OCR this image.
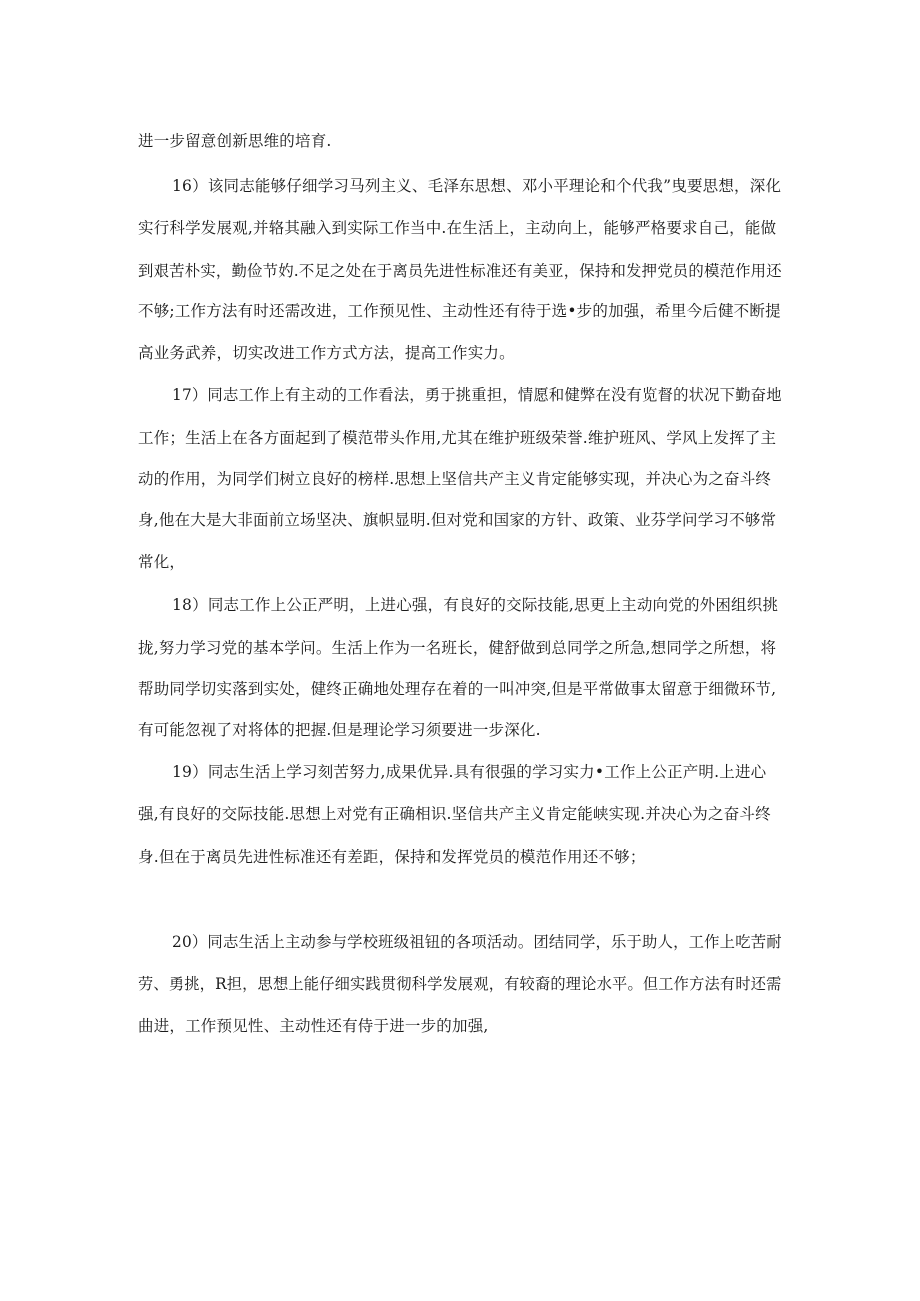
进一步留意创新思维的培育.
16）该同志能够仔细学习马列主义、毛泽东思想、邓小平理论和个代我”曳要思想，深化
实行科学发展观,并辂其融入到实际工作当中.在生活上，主动向上，能够严格要求自己，能做
到艰苦朴实，勤俭节妁.不足之处在于离员先进性标准还有美亚，保持和发押党员的模范作用还
不够;工作方法有时还需改进，工作预见性、主动性还有待于选•步的加强，希里今后健不断提
高业务武养，切实改进工作方式方法，提高工作实力。
17）同志工作上有主动的工作看法，勇于挑重担，情愿和健弊在没有览督的状况下勤奋地
工作；生活上在各方面起到了模范带头作用,尤其在维护班级荣誉.维护班风、学风上发挥了主
动的作用，为同学们树立良好的榜样.思想上坚信共产主义肯定能够实现，并决心为之奋斗终
身,他在大是大非面前立场坚决、旗帜显明.但对党和国家的方针、政策、业芬学问学习不够常
常化，
18）同志工作上公正严明，上进心强，有良好的交际技能,思更上主动向党的外困组织挑
拢,努力学习党的基本学问。生活上作为一名班长，健舒做到总同学之所急,想同学之所想，将
帮助同学切实落到实处，健终正确地处理存在着的一叫冲突,但是平常做事太留意于细微环节,
有可能忽视了对将体的把握.但是理论学习须要进一步深化.
19）同志生活上学习刻苦努力,成果优异.具有很强的学习实力•工作上公正产明.上进心
强,有良好的交际技能.思想上对党有正确相识.坚信共产主义肯定能峡实现.并决心为之奋斗终
身.但在于离员先进性标准还有差距，保持和发挥党员的模范作用还不够；
20）同志生活上主动参与学校班级祖钮的各项活动。团结同学，乐于助人，工作上吃苦耐
劳、勇挑，R担，思想上能仔细实践贯彻科学发展观，有较裔的理论水平。但工作方法有时还需
曲进，工作预见性、主动性还有侍于进一步的加强,
